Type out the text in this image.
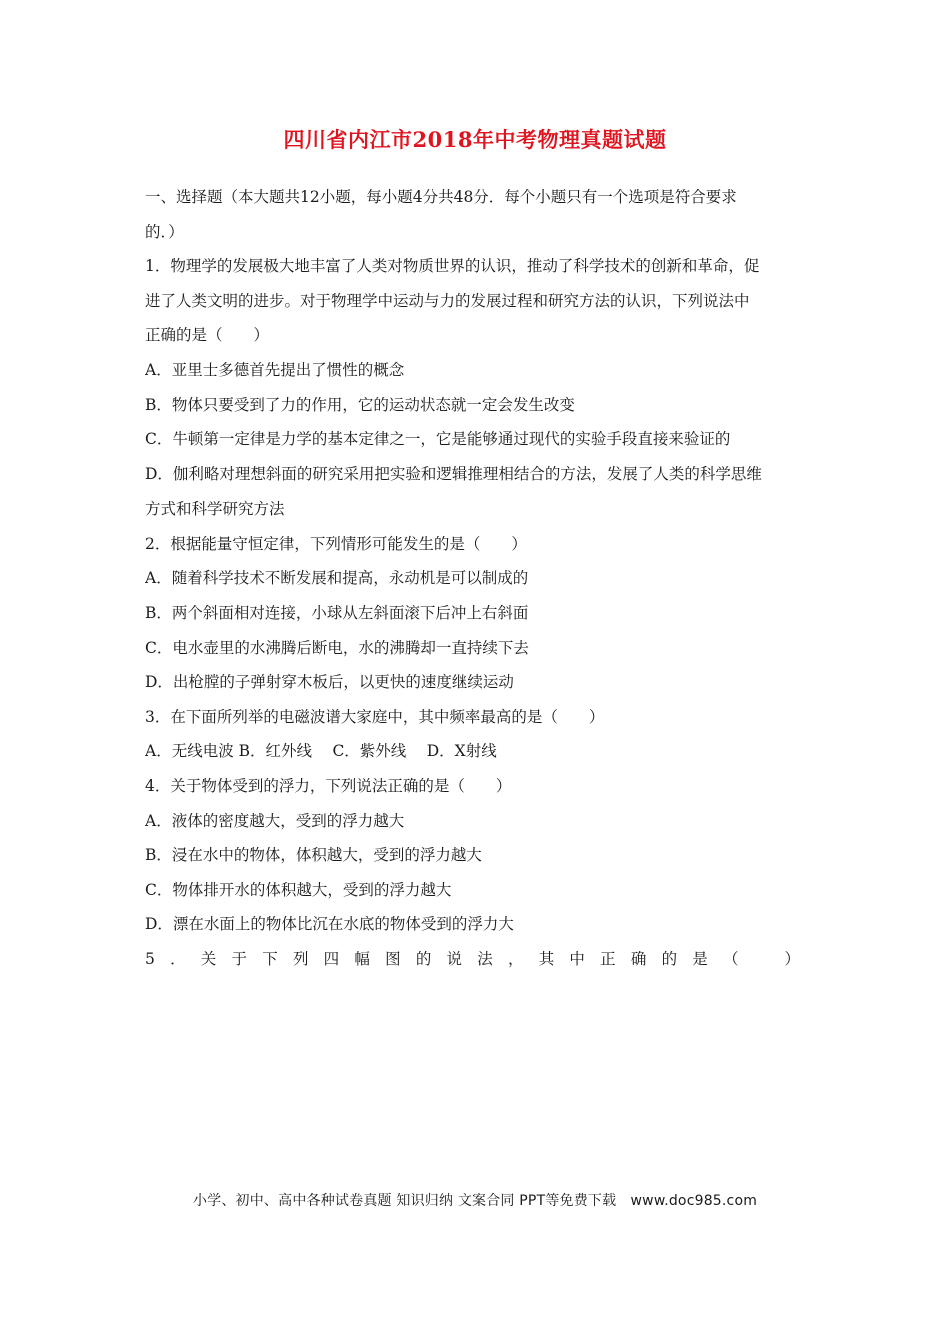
四川省内江市2018年中考物理真题试题
一、选择题（本大题共12小题，每小题4分共48分．每个小题只有一个选项是符合要求
的．）
1．物理学的发展极大地丰富了人类对物质世界的认识，推动了科学技术的创新和革命，促
进了人类文明的进步。对于物理学中运动与力的发展过程和研究方法的认识，下列说法中
正确的是（　　）
A．亚里士多德首先提出了惯性的概念
B．物体只要受到了力的作用，它的运动状态就一定会发生改变
C．牛顿第一定律是力学的基本定律之一，它是能够通过现代的实验手段直接来验证的
D．伽利略对理想斜面的研究采用把实验和逻辑推理相结合的方法，发展了人类的科学思维
方式和科学研究方法
2．根据能量守恒定律，下列情形可能发生的是（　　）
A．随着科学技术不断发展和提高，永动机是可以制成的
B．两个斜面相对连接，小球从左斜面滚下后冲上右斜面
C．电水壶里的水沸腾后断电，水的沸腾却一直持续下去
D．出枪膛的子弹射穿木板后，以更快的速度继续运动
3．在下面所列举的电磁波谱大家庭中，其中频率最高的是（　　）
A．无线电波 B．红外线　 C．紫外线　 D．X射线
4．关于物体受到的浮力，下列说法正确的是（　　）
A．液体的密度越大，受到的浮力越大
B．浸在水中的物体，体积越大，受到的浮力越大
C．物体排开水的体积越大，受到的浮力越大
D．漂在水面上的物体比沉在水底的物体受到的浮力大
5 ． 关 于 下 列 四 幅 图 的 说 法 ， 其 中 正 确 的 是 （
　	）
小学、初中、高中各种试卷真题 知识归纳 文案合同 PPT等免费下载　www.doc985.com
